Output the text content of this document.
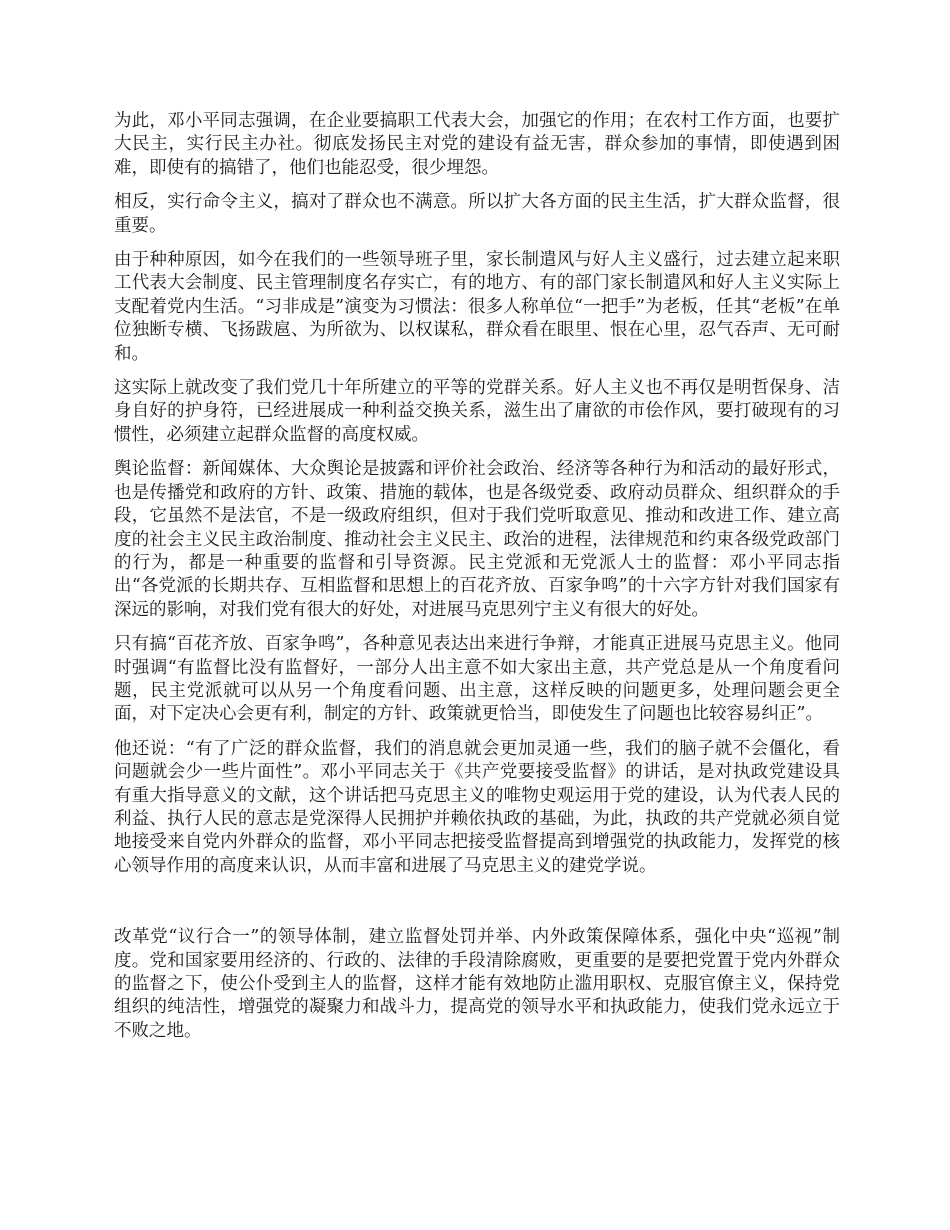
为此，邓小平同志强调，在企业要搞职工代表大会，加强它的作用；在农村工作方面，也要扩大民主，实行民主办社。彻底发扬民主对党的建设有益无害，群众参加的事情，即使遇到困难，即使有的搞错了，他们也能忍受，很少埋怨。

相反，实行命令主义，搞对了群众也不满意。所以扩大各方面的民主生活，扩大群众监督，很重要。

由于种种原因，如今在我们的一些领导班子里，家长制遣风与好人主义盛行，过去建立起来职工代表大会制度、民主管理制度名存实亡，有的地方、有的部门家长制遣风和好人主义实际上支配着党内生活。“习非成是”演变为习惯法：很多人称单位“一把手”为老板，任其“老板”在单位独断专横、飞扬跋扈、为所欲为、以权谋私，群众看在眼里、恨在心里，忍气吞声、无可耐和。

这实际上就改变了我们党几十年所建立的平等的党群关系。好人主义也不再仅是明哲保身、洁身自好的护身符，已经进展成一种利益交换关系，滋生出了庸欲的市侩作风，要打破现有的习惯性，必须建立起群众监督的高度权威。

舆论监督：新闻媒体、大众舆论是披露和评价社会政治、经济等各种行为和活动的最好形式，也是传播党和政府的方针、政策、措施的载体，也是各级党委、政府动员群众、组织群众的手段，它虽然不是法官，不是一级政府组织，但对于我们党听取意见、推动和改进工作、建立高度的社会主义民主政治制度、推动社会主义民主、政治的进程，法律规范和约束各级党政部门的行为，都是一种重要的监督和引导资源。民主党派和无党派人士的监督：邓小平同志指出“各党派的长期共存、互相监督和思想上的百花齐放、百家争鸣”的十六字方针对我们国家有深远的影响，对我们党有很大的好处，对进展马克思列宁主义有很大的好处。

只有搞“百花齐放、百家争鸣”，各种意见表达出来进行争辩，才能真正进展马克思主义。他同时强调“有监督比没有监督好，一部分人出主意不如大家出主意，共产党总是从一个角度看问题，民主党派就可以从另一个角度看问题、出主意，这样反映的问题更多，处理问题会更全面，对下定决心会更有利，制定的方针、政策就更恰当，即使发生了问题也比较容易纠正”。

他还说：“有了广泛的群众监督，我们的消息就会更加灵通一些，我们的脑子就不会僵化，看问题就会少一些片面性”。邓小平同志关于《共产党要接受监督》的讲话，是对执政党建设具有重大指导意义的文献，这个讲话把马克思主义的唯物史观运用于党的建设，认为代表人民的利益、执行人民的意志是党深得人民拥护并赖依执政的基础，为此，执政的共产党就必须自觉地接受来自党内外群众的监督，邓小平同志把接受监督提高到增强党的执政能力，发挥党的核心领导作用的高度来认识，从而丰富和进展了马克思主义的建党学说。

改革党“议行合一”的领导体制，建立监督处罚并举、内外政策保障体系，强化中央“巡视”制度。党和国家要用经济的、行政的、法律的手段清除腐败，更重要的是要把党置于党内外群众的监督之下，使公仆受到主人的监督，这样才能有效地防止滥用职权、克服官僚主义，保持党组织的纯洁性，增强党的凝聚力和战斗力，提高党的领导水平和执政能力，使我们党永远立于不败之地。
